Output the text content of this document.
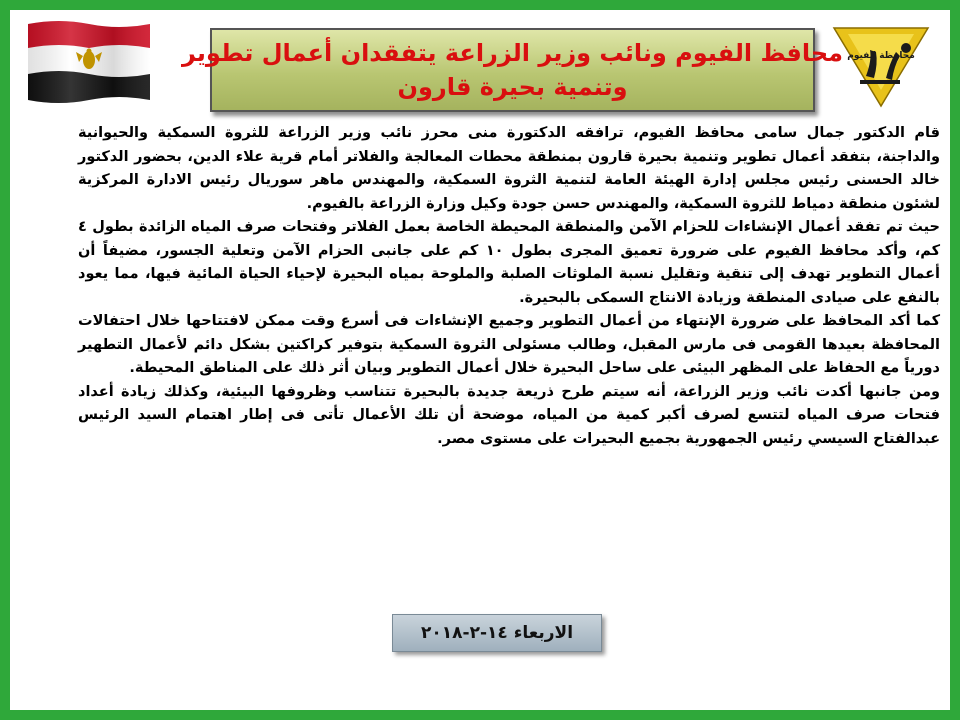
محافظ الفيوم ونائب وزير الزراعة يتفقدان أعمال تطوير
وتنمية بحيرة قارون
محافظة الفيوم

قام الدكتور جمال سامى محافظ الفيوم، ترافقه الدكتورة منى محرز نائب وزير الزراعة للثروة السمكية والحيوانية والداجنة، بتفقد أعمال تطوير وتنمية بحيرة قارون بمنطقة محطات المعالجة والفلاتر أمام قرية علاء الدين، بحضور الدكتور خالد الحسنى رئيس مجلس إدارة الهيئة العامة لتنمية الثروة السمكية، والمهندس ماهر سوريال رئيس الادارة المركزية لشئون منطقة دمياط للثروة السمكية، والمهندس حسن جودة وكيل وزارة الزراعة بالفيوم.

حيث تم تفقد أعمال الإنشاءات للحزام الآمن والمنطقة المحيطة الخاصة بعمل الفلاتر وفتحات صرف المياه الزائدة بطول ٤ كم، وأكد محافظ الفيوم على ضرورة تعميق المجرى بطول ١٠ كم على جانبى الحزام الآمن وتعلية الجسور، مضيفاً أن أعمال التطوير تهدف إلى تنقية وتقليل نسبة الملوثات الصلبة والملوحة بمياه البحيرة لإحياء الحياة المائية فيها، مما يعود بالنفع على صيادى المنطقة وزيادة الانتاج السمكى بالبحيرة.

كما أكد المحافظ على ضرورة الإنتهاء من أعمال التطوير وجميع الإنشاءات فى أسرع وقت ممكن لافتتاحها خلال احتفالات المحافظة بعيدها القومى فى مارس المقبل، وطالب مسئولى الثروة السمكية بتوفير كراكتين بشكل دائم لأعمال التطهير دورياً مع الحفاظ على المظهر البيئى على ساحل البحيرة خلال أعمال التطوير وبيان أثر ذلك على المناطق المحيطة.

ومن جانبها أكدت نائب وزير الزراعة، أنه سيتم طرح ذريعة جديدة بالبحيرة تتناسب وظروفها البيئية، وكذلك زيادة أعداد فتحات صرف المياه لتتسع لصرف أكبر كمية من المياه، موضحة أن تلك الأعمال تأتى فى إطار اهتمام السيد الرئيس عبدالفتاح السيسي رئيس الجمهورية بجميع البحيرات على مستوى مصر.

الاربعاء ١٤-٢-٢٠١٨
